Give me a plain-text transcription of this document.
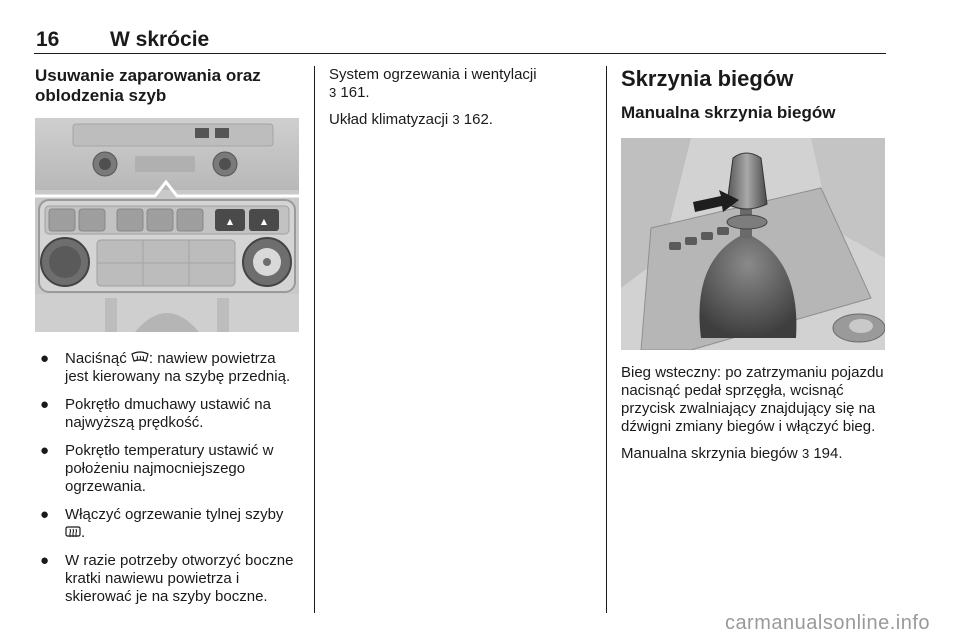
16 W skrócie
Usuwanie zaparowania oraz oblodzenia szyb
▲	▲
● Naciśnąć : nawiew powietrza jest kierowany na szybę przednią.
● Pokrętło dmuchawy ustawić na najwyższą prędkość.
● Pokrętło temperatury ustawić w położeniu najmocniejszego ogrzewania.
● Włączyć ogrzewanie tylnej szyby .
● W razie potrzeby otworzyć boczne kratki nawiewu powietrza i skierować je na szyby boczne.

System ogrzewania i wentylacji
3 161.

Układ klimatyzacji 3 162.

Skrzynia biegów
Manualna skrzynia biegów

Bieg wsteczny: po zatrzymaniu pojazdu nacisnąć pedał sprzęgła, wcisnąć przycisk zwalniający znajdujący się na dźwigni zmiany biegów i włączyć bieg.

Manualna skrzynia biegów 3 194.

carmanualsonline.info
